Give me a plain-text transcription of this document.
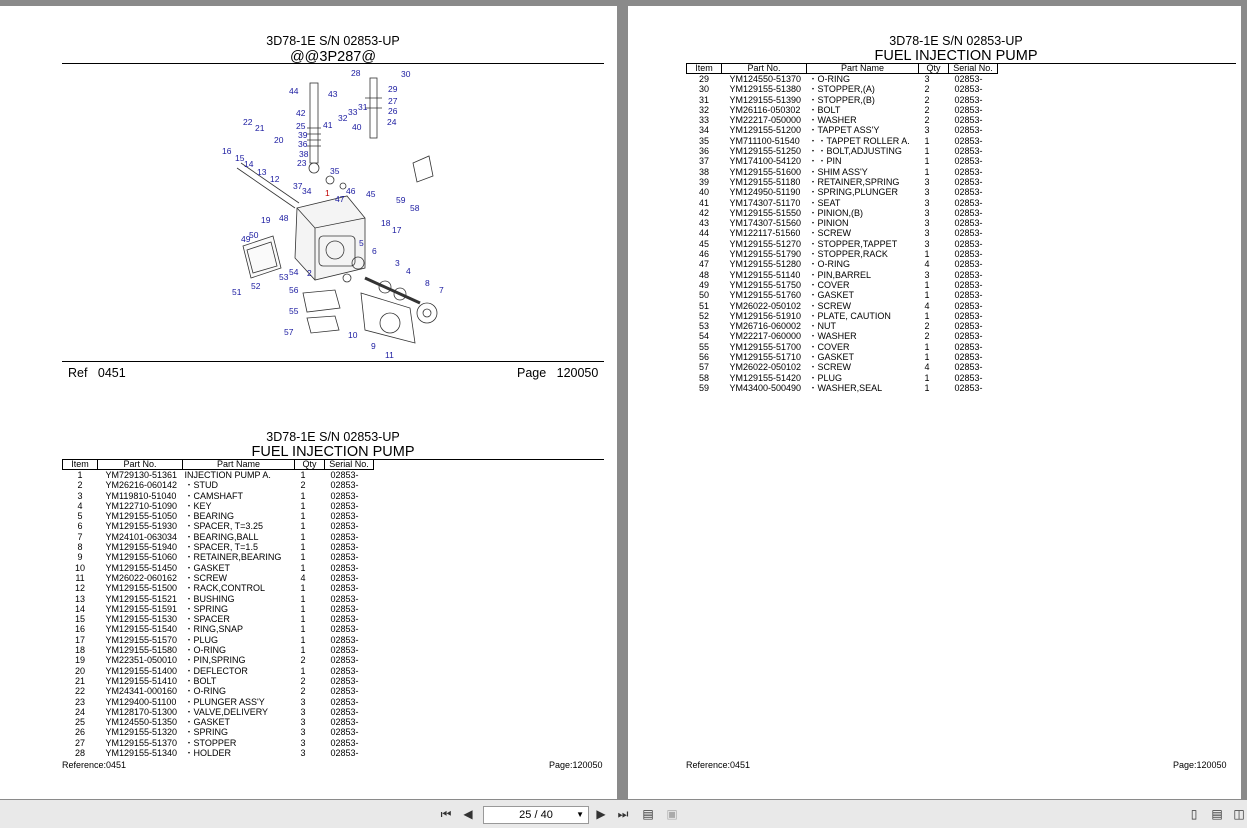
3D78-1E S/N 02853-UP
@@3P287@
28	30
29
44	43
27
26
42	32
33 31
24
41
25	40
39
36
38
23
22
21
20
16
15
14
13
12
35
1
34
37	46
47	45
59
58
48
19	18
17
50
49	5
6
54
53 2
3
4
51
52	56
8
7
55
57	10
9
11
Ref 0451	Page 120050
3D78-1E S/N 02853-UP
FUEL INJECTION PUMP
Item	Part No.	Part Name	Qty	Serial No.
1	YM729130-51361	INJECTION PUMP A.	1	02853-
2	YM26216-060142	・STUD	2	02853-
3	YM119810-51040	・CAMSHAFT	1	02853-
4	YM122710-51090	・KEY	1	02853-
5	YM129155-51050	・BEARING	1	02853-
6	YM129155-51930	・SPACER, T=3.25	1	02853-
7	YM24101-063034	・BEARING,BALL	1	02853-
8	YM129155-51940	・SPACER, T=1.5	1	02853-
9	YM129155-51060	・RETAINER,BEARING	1	02853-
10	YM129155-51450	・GASKET	1	02853-
11	YM26022-060162	・SCREW	4	02853-
12	YM129155-51500	・RACK,CONTROL	1	02853-
13	YM129155-51521	・BUSHING	1	02853-
14	YM129155-51591	・SPRING	1	02853-
15	YM129155-51530	・SPACER	1	02853-
16	YM129155-51540	・RING,SNAP	1	02853-
17	YM129155-51570	・PLUG	1	02853-
18	YM129155-51580	・O-RING	1	02853-
19	YM22351-050010	・PIN,SPRING	2	02853-
20	YM129155-51400	・DEFLECTOR	1	02853-
21	YM129155-51410	・BOLT	2	02853-
22	YM24341-000160	・O-RING	2	02853-
23	YM129400-51100	・PLUNGER ASS'Y	3	02853-
24	YM128170-51300	・VALVE,DELIVERY	3	02853-
25	YM124550-51350	・GASKET	3	02853-
26	YM129155-51320	・SPRING	3	02853-
27	YM129155-51370	・STOPPER	3	02853-
28	YM129155-51340	・HOLDER	3	02853-
Reference:0451	Page:120050
3D78-1E S/N 02853-UP
FUEL INJECTION PUMP
Item	Part No.	Part Name	Qty	Serial No.
29	YM124550-51370	・O-RING	3	02853-
30	YM129155-51380	・STOPPER,(A)	2	02853-
31	YM129155-51390	・STOPPER,(B)	2	02853-
32	YM26116-050302	・BOLT	2	02853-
33	YM22217-050000	・WASHER	2	02853-
34	YM129155-51200	・TAPPET ASS'Y	3	02853-
35	YM711100-51540	・・TAPPET ROLLER A.	1	02853-
36	YM129155-51250	・・BOLT,ADJUSTING	1	02853-
37	YM174100-54120	・・PIN	1	02853-
38	YM129155-51600	・SHIM ASS'Y	1	02853-
39	YM129155-51180	・RETAINER,SPRING	3	02853-
40	YM124950-51190	・SPRING,PLUNGER	3	02853-
41	YM174307-51170	・SEAT	3	02853-
42	YM129155-51550	・PINION,(B)	3	02853-
43	YM174307-51560	・PINION	3	02853-
44	YM122117-51560	・SCREW	3	02853-
45	YM129155-51270	・STOPPER,TAPPET	3	02853-
46	YM129155-51790	・STOPPER,RACK	1	02853-
47	YM129155-51280	・O-RING	4	02853-
48	YM129155-51140	・PIN,BARREL	3	02853-
49	YM129155-51750	・COVER	1	02853-
50	YM129155-51760	・GASKET	1	02853-
51	YM26022-050102	・SCREW	4	02853-
52	YM129156-51910	・PLATE, CAUTION	1	02853-
53	YM26716-060002	・NUT	2	02853-
54	YM22217-060000	・WASHER	2	02853-
55	YM129155-51700	・COVER	1	02853-
56	YM129155-51710	・GASKET	1	02853-
57	YM26022-050102	・SCREW	4	02853-
58	YM129155-51420	・PLUG	1	02853-
59	YM43400-500490	・WASHER,SEAL	1	02853-
Reference:0451	Page:120050
⏮ ◀	25 / 40	▼ ▶ ⏭ ▤ ▣	▯	▤ ◫
